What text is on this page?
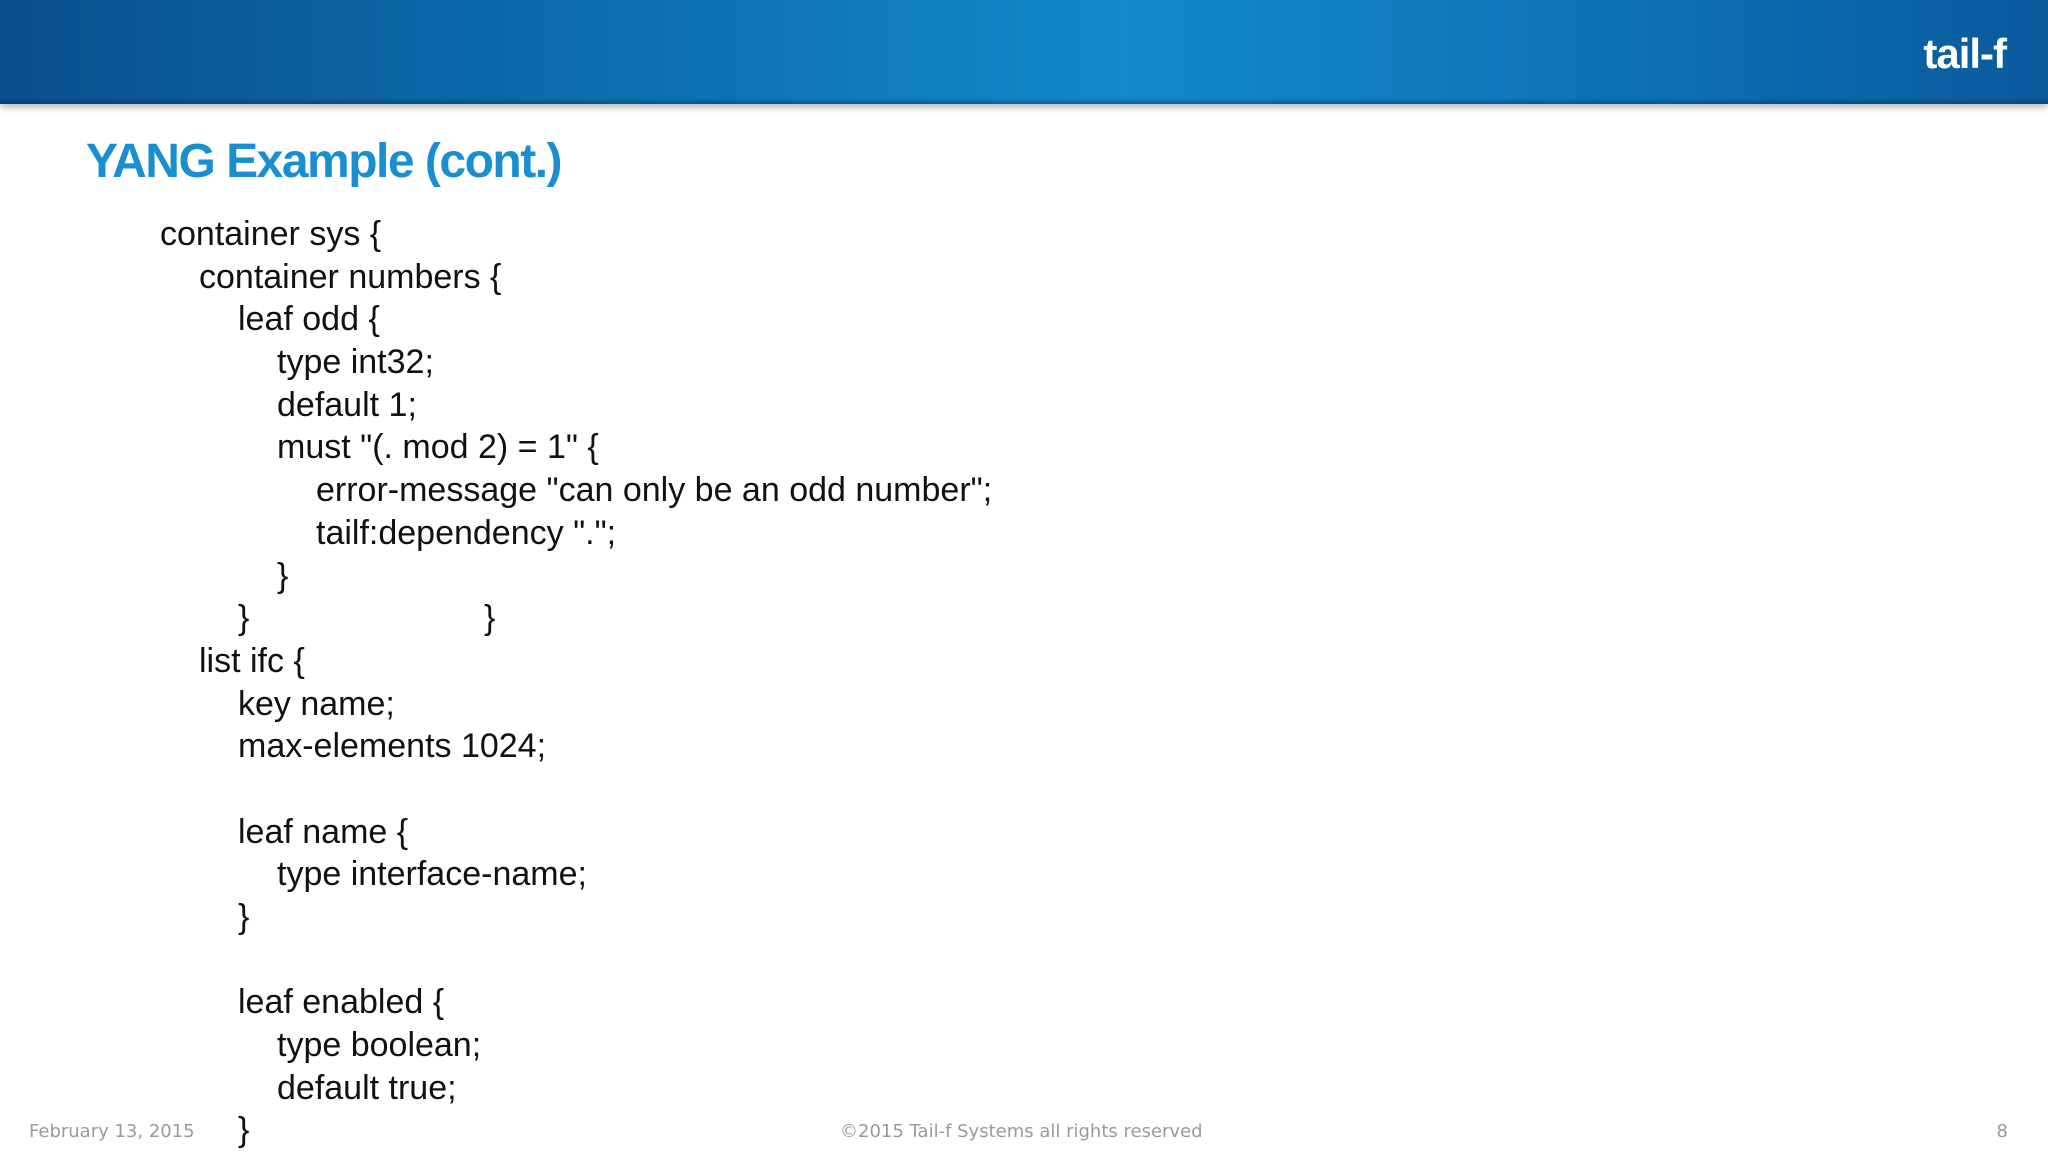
tail-f
YANG Example (cont.)
container sys {
container numbers {
leaf odd {
type int32;
default 1;
must "(. mod 2) = 1" {
error-message "can only be an odd number";
tailf:dependency ".";
}
}	}
list ifc {
key name;
max-elements 1024;
leaf name {
type interface-name;
}
leaf enabled {
type boolean;
default true;
}
February 13, 2015	©2015 Tail-f Systems all rights reserved	8
